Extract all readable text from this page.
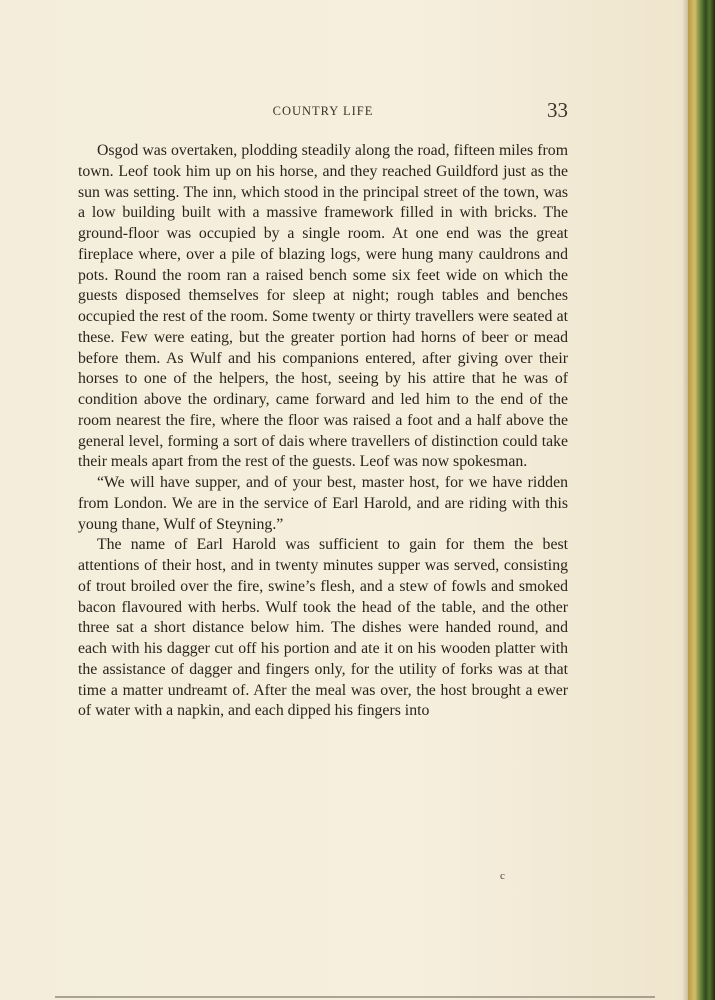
COUNTRY LIFE	33

Osgod was overtaken, plodding steadily along the road, fifteen miles from town. Leof took him up on his horse, and they reached Guildford just as the sun was setting. The inn, which stood in the principal street of the town, was a low building built with a massive framework filled in with bricks. The ground-floor was occupied by a single room. At one end was the great fireplace where, over a pile of blazing logs, were hung many cauldrons and pots. Round the room ran a raised bench some six feet wide on which the guests disposed themselves for sleep at night; rough tables and benches occupied the rest of the room. Some twenty or thirty travellers were seated at these. Few were eating, but the greater portion had horns of beer or mead before them. As Wulf and his companions entered, after giving over their horses to one of the helpers, the host, seeing by his attire that he was of condition above the ordinary, came forward and led him to the end of the room nearest the fire, where the floor was raised a foot and a half above the general level, forming a sort of dais where travellers of distinction could take their meals apart from the rest of the guests. Leof was now spokesman.

“We will have supper, and of your best, master host, for we have ridden from London. We are in the service of Earl Harold, and are riding with this young thane, Wulf of Steyning.”

The name of Earl Harold was sufficient to gain for them the best attentions of their host, and in twenty minutes supper was served, consisting of trout broiled over the fire, swine’s flesh, and a stew of fowls and smoked bacon flavoured with herbs. Wulf took the head of the table, and the other three sat a short distance below him. The dishes were handed round, and each with his dagger cut off his portion and ate it on his wooden platter with the assistance of dagger and fingers only, for the utility of forks was at that time a matter undreamt of. After the meal was over, the host brought a ewer of water with a napkin, and each dipped his fingers into

c
